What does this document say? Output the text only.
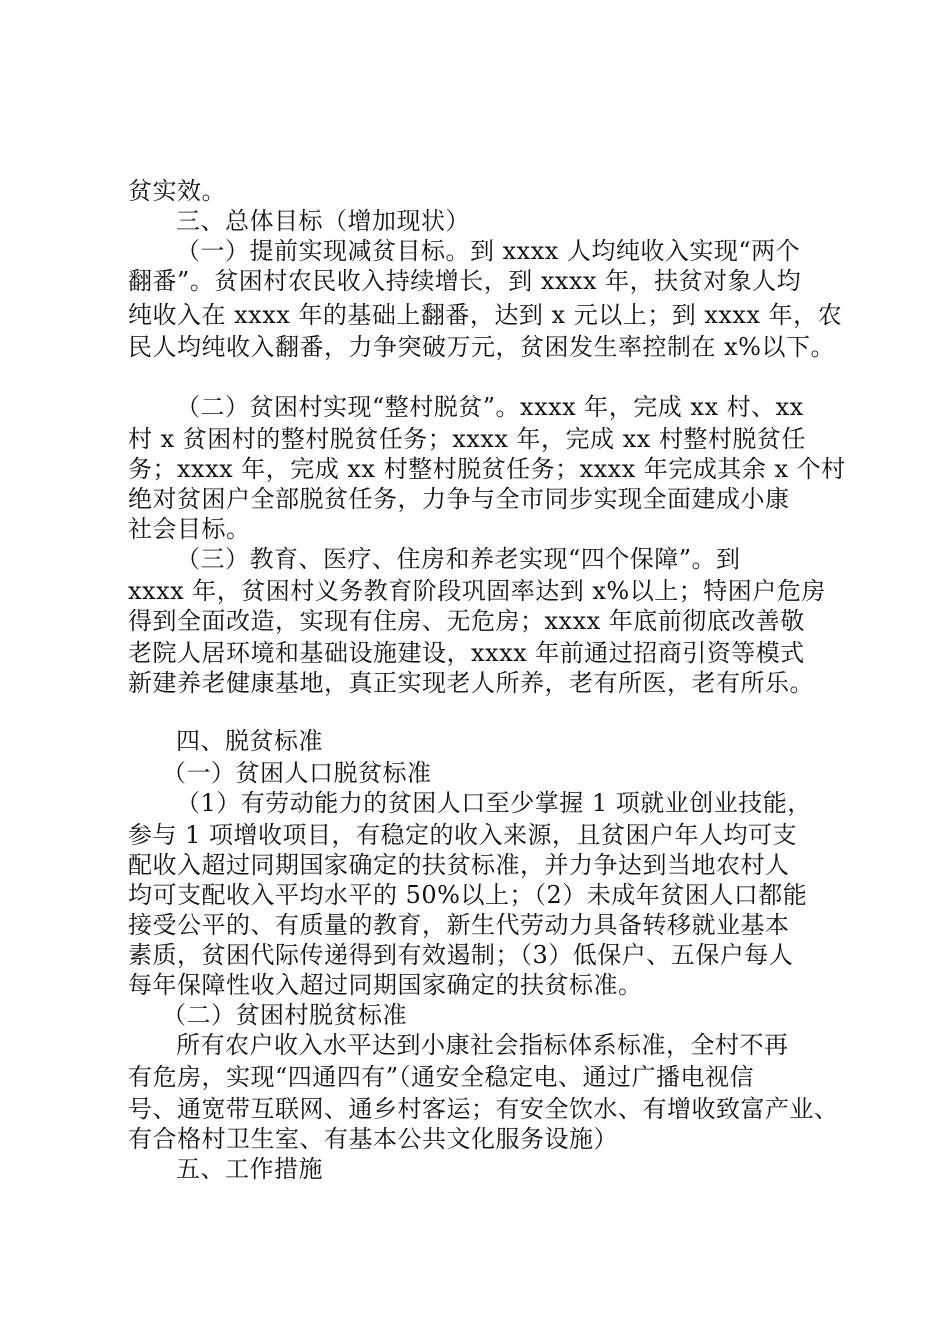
贫实效。
三、总体目标（增加现状）
（一）提前实现减贫目标。到 xxxx 人均纯收入实现“两个
翻番”。贫困村农民收入持续增长，到 xxxx 年，扶贫对象人均
纯收入在 xxxx 年的基础上翻番，达到 x 元以上；到 xxxx 年，农
民人均纯收入翻番，力争突破万元，贫困发生率控制在 x%以下。
（二）贫困村实现“整村脱贫”。xxxx 年，完成 xx 村、xx
村 x 贫困村的整村脱贫任务；xxxx 年，完成 xx 村整村脱贫任
务；xxxx 年，完成 xx 村整村脱贫任务；xxxx 年完成其余 x 个村
绝对贫困户全部脱贫任务，力争与全市同步实现全面建成小康
社会目标。
（三）教育、医疗、住房和养老实现“四个保障”。到
xxxx 年，贫困村义务教育阶段巩固率达到 x%以上；特困户危房
得到全面改造，实现有住房、无危房；xxxx 年底前彻底改善敬
老院人居环境和基础设施建设，xxxx 年前通过招商引资等模式
新建养老健康基地，真正实现老人所养，老有所医，老有所乐。
四、脱贫标准
（一）贫困人口脱贫标准
（1）有劳动能力的贫困人口至少掌握 1 项就业创业技能，
参与 1 项增收项目，有稳定的收入来源，且贫困户年人均可支
配收入超过同期国家确定的扶贫标准，并力争达到当地农村人
均可支配收入平均水平的 50%以上；（2）未成年贫困人口都能
接受公平的、有质量的教育，新生代劳动力具备转移就业基本
素质，贫困代际传递得到有效遏制；（3）低保户、五保户每人
每年保障性收入超过同期国家确定的扶贫标准。
（二）贫困村脱贫标准
所有农户收入水平达到小康社会指标体系标准，全村不再
有危房，实现“四通四有”（通安全稳定电、通过广播电视信
号、通宽带互联网、通乡村客运；有安全饮水、有增收致富产业、
有合格村卫生室、有基本公共文化服务设施）
五、工作措施
